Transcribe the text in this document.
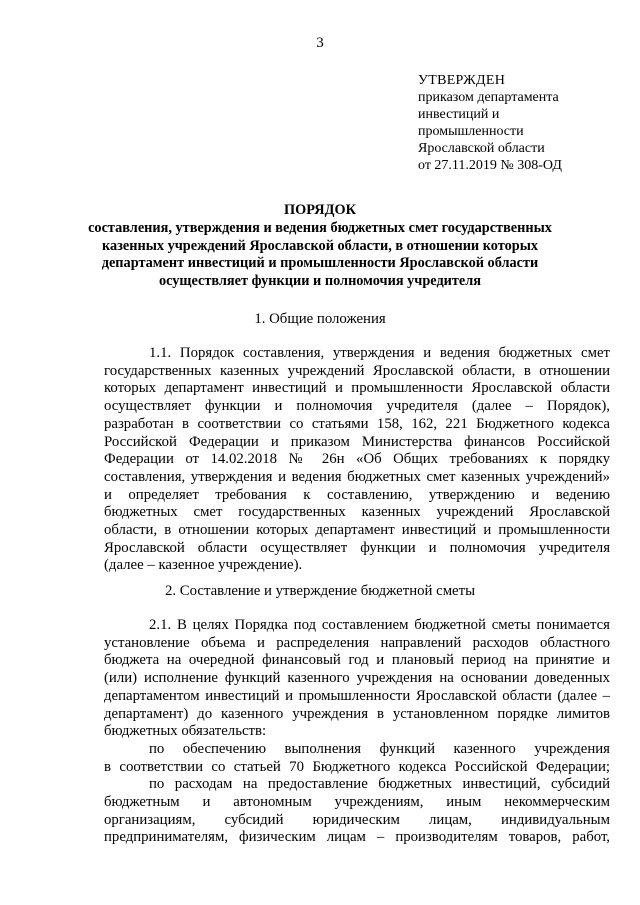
3
УТВЕРЖДЕН
приказом департамента
инвестиций и
промышленности
Ярославской области
от 27.11.2019 № 308-ОД
ПОРЯДОК
составления, утверждения и ведения бюджетных смет государственных
казенных учреждений Ярославской области, в отношении которых
департамент инвестиций и промышленности Ярославской области
осуществляет функции и полномочия учредителя
1. Общие положения
1.1. Порядок составления, утверждения и ведения бюджетных смет
государственных казенных учреждений Ярославской области, в отношении
которых департамент инвестиций и промышленности Ярославской области
осуществляет функции и полномочия учредителя (далее – Порядок),
разработан в соответствии со статьями 158, 162, 221 Бюджетного кодекса
Российской Федерации и приказом Министерства финансов Российской
Федерации от 14.02.2018 № 26н «Об Общих требованиях к порядку
составления, утверждения и ведения бюджетных смет казенных учреждений»
и определяет требования к составлению, утверждению и ведению
бюджетных смет государственных казенных учреждений Ярославской
области, в отношении которых департамент инвестиций и промышленности
Ярославской области осуществляет функции и полномочия учредителя
(далее – казенное учреждение).
2. Составление и утверждение бюджетной сметы
2.1. В целях Порядка под составлением бюджетной сметы понимается
установление объема и распределения направлений расходов областного
бюджета на очередной финансовый год и плановый период на принятие и
(или) исполнение функций казенного учреждения на основании доведенных
департаментом инвестиций и промышленности Ярославской области (далее –
департамент) до казенного учреждения в установленном порядке лимитов
бюджетных обязательств:
по обеспечению выполнения функций казенного учреждения
в соответствии со статьей 70 Бюджетного кодекса Российской Федерации;
по расходам на предоставление бюджетных инвестиций, субсидий
бюджетным и автономным учреждениям, иным некоммерческим
организациям, субсидий юридическим лицам, индивидуальным
предпринимателям, физическим лицам – производителям товаров, работ,
